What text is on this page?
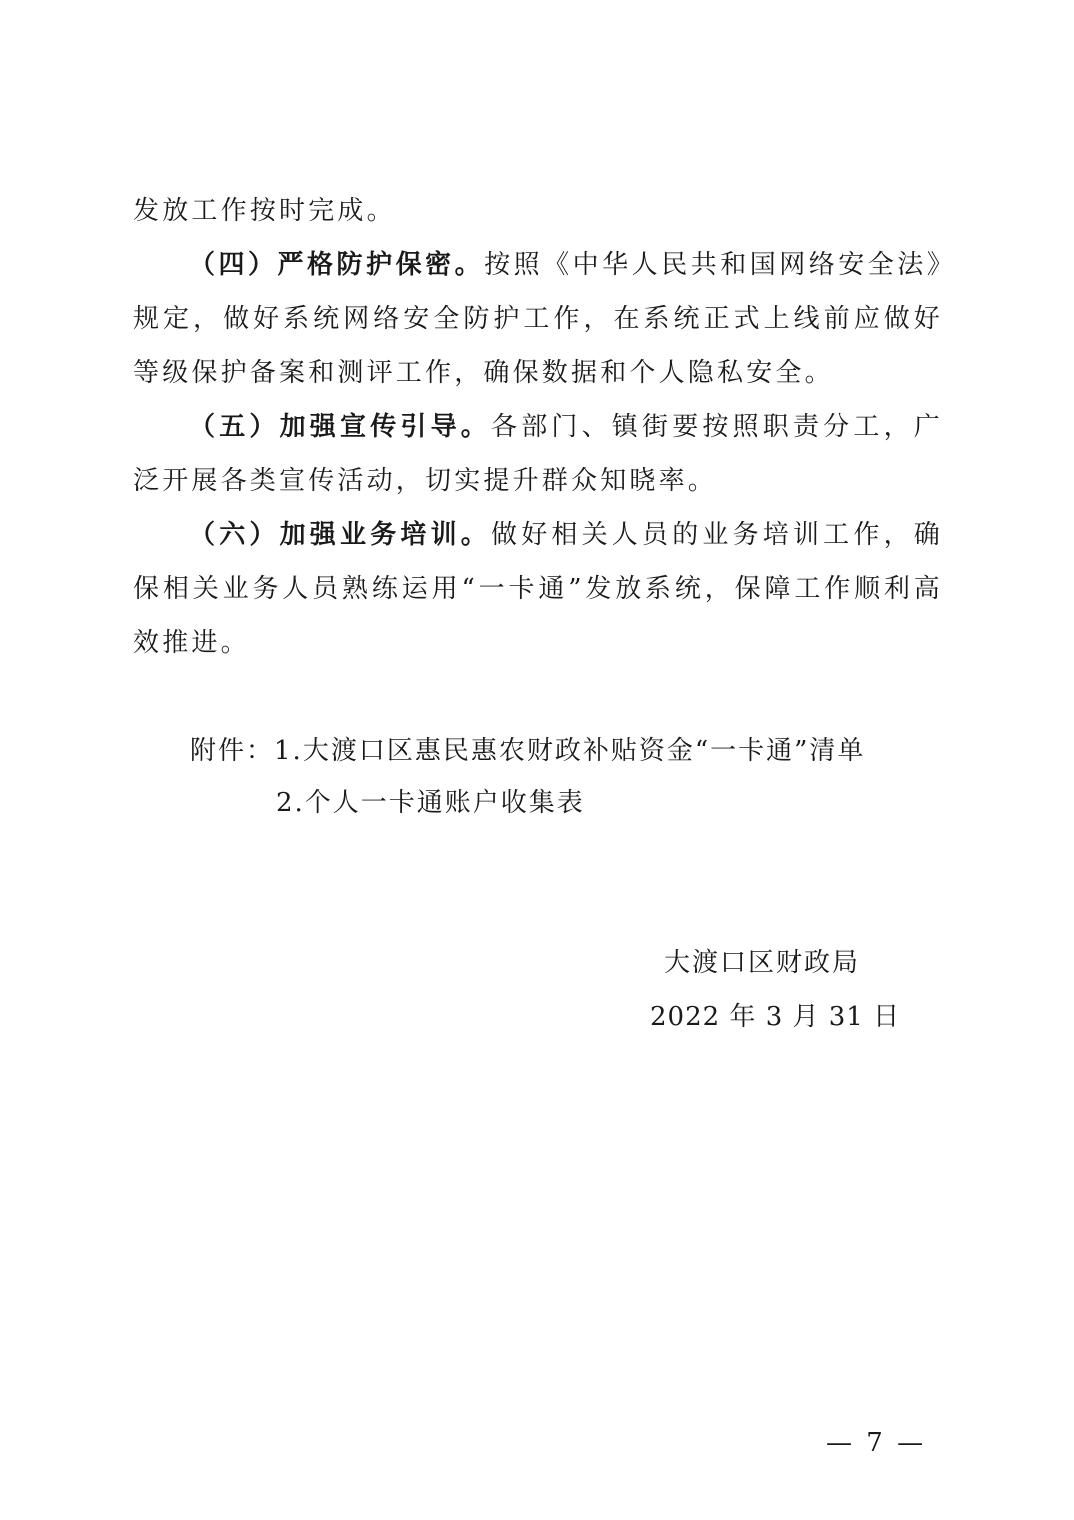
发放工作按时完成。

（四）严格防护保密。按照《中华人民共和国网络安全法》规定，做好系统网络安全防护工作，在系统正式上线前应做好等级保护备案和测评工作，确保数据和个人隐私安全。

（五）加强宣传引导。各部门、镇街要按照职责分工，广泛开展各类宣传活动，切实提升群众知晓率。

（六）加强业务培训。做好相关人员的业务培训工作，确保相关业务人员熟练运用“一卡通”发放系统，保障工作顺利高效推进。

附件：1.大渡口区惠民惠农财政补贴资金“一卡通”清单
2.个人一卡通账户收集表
大渡口区财政局
2022 年 3 月 31 日
— 7 —
